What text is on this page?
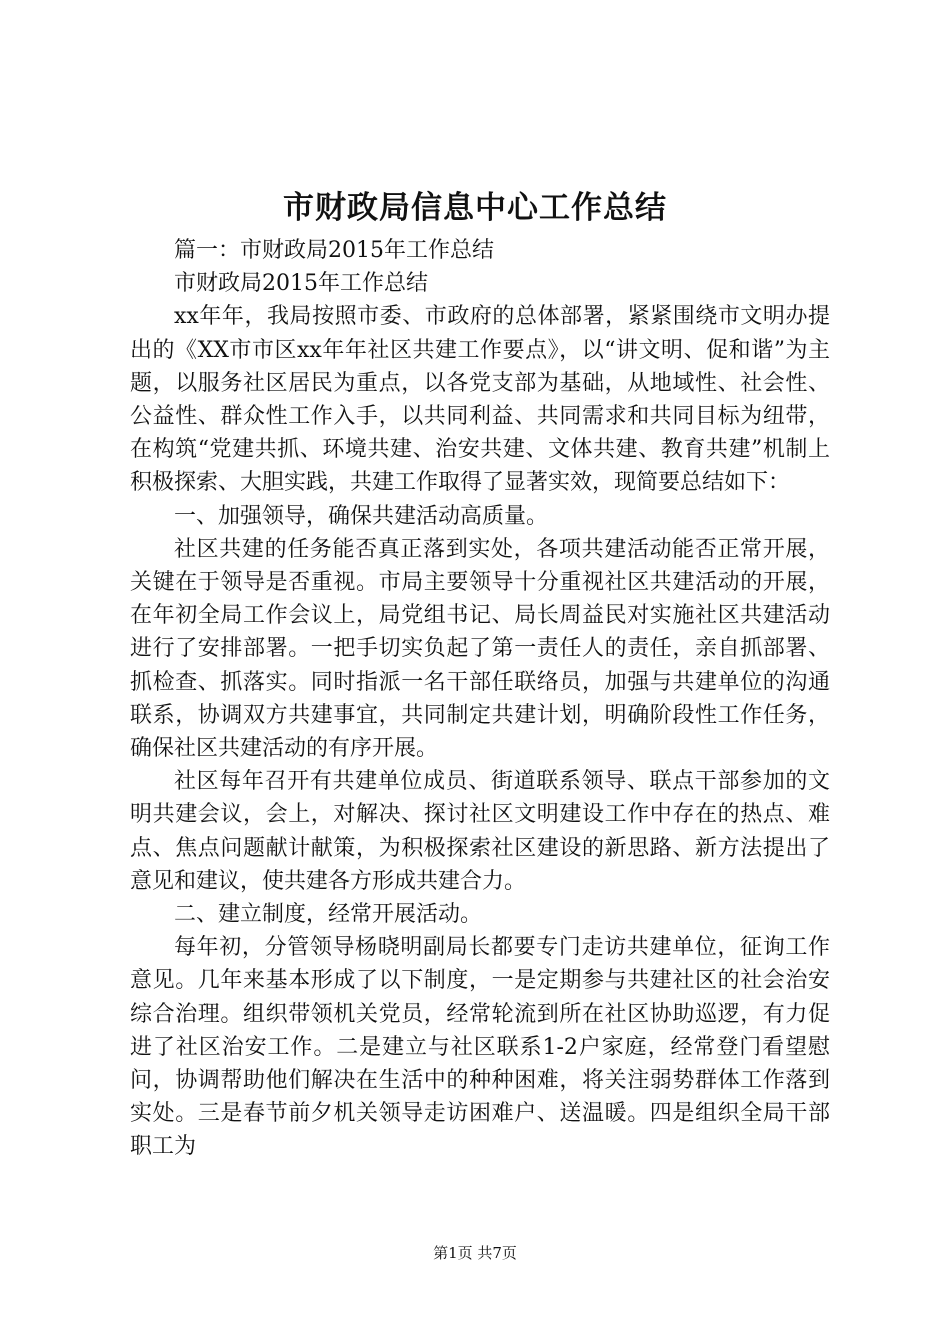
市财政局信息中心工作总结

篇一：市财政局2015年工作总结

市财政局2015年工作总结

xx年年，我局按照市委、市政府的总体部署，紧紧围绕市文明办提出的《XX市市区xx年年社区共建工作要点》，以“讲文明、促和谐”为主题，以服务社区居民为重点，以各党支部为基础，从地域性、社会性、公益性、群众性工作入手，以共同利益、共同需求和共同目标为纽带，在构筑“党建共抓、环境共建、治安共建、文体共建、教育共建”机制上积极探索、大胆实践，共建工作取得了显著实效，现简要总结如下：

一、加强领导，确保共建活动高质量。

社区共建的任务能否真正落到实处，各项共建活动能否正常开展，关键在于领导是否重视。市局主要领导十分重视社区共建活动的开展，在年初全局工作会议上，局党组书记、局长周益民对实施社区共建活动进行了安排部署。一把手切实负起了第一责任人的责任，亲自抓部署、抓检查、抓落实。同时指派一名干部任联络员，加强与共建单位的沟通联系，协调双方共建事宜，共同制定共建计划，明确阶段性工作任务，确保社区共建活动的有序开展。

社区每年召开有共建单位成员、街道联系领导、联点干部参加的文明共建会议，会上，对解决、探讨社区文明建设工作中存在的热点、难点、焦点问题献计献策，为积极探索社区建设的新思路、新方法提出了意见和建议，使共建各方形成共建合力。

二、建立制度，经常开展活动。

每年初，分管领导杨晓明副局长都要专门走访共建单位，征询工作意见。几年来基本形成了以下制度，一是定期参与共建社区的社会治安综合治理。组织带领机关党员，经常轮流到所在社区协助巡逻，有力促进了社区治安工作。二是建立与社区联系1-2户家庭，经常登门看望慰问，协调帮助他们解决在生活中的种种困难，将关注弱势群体工作落到实处。三是春节前夕机关领导走访困难户、送温暖。四是组织全局干部职工为

第1页 共7页
